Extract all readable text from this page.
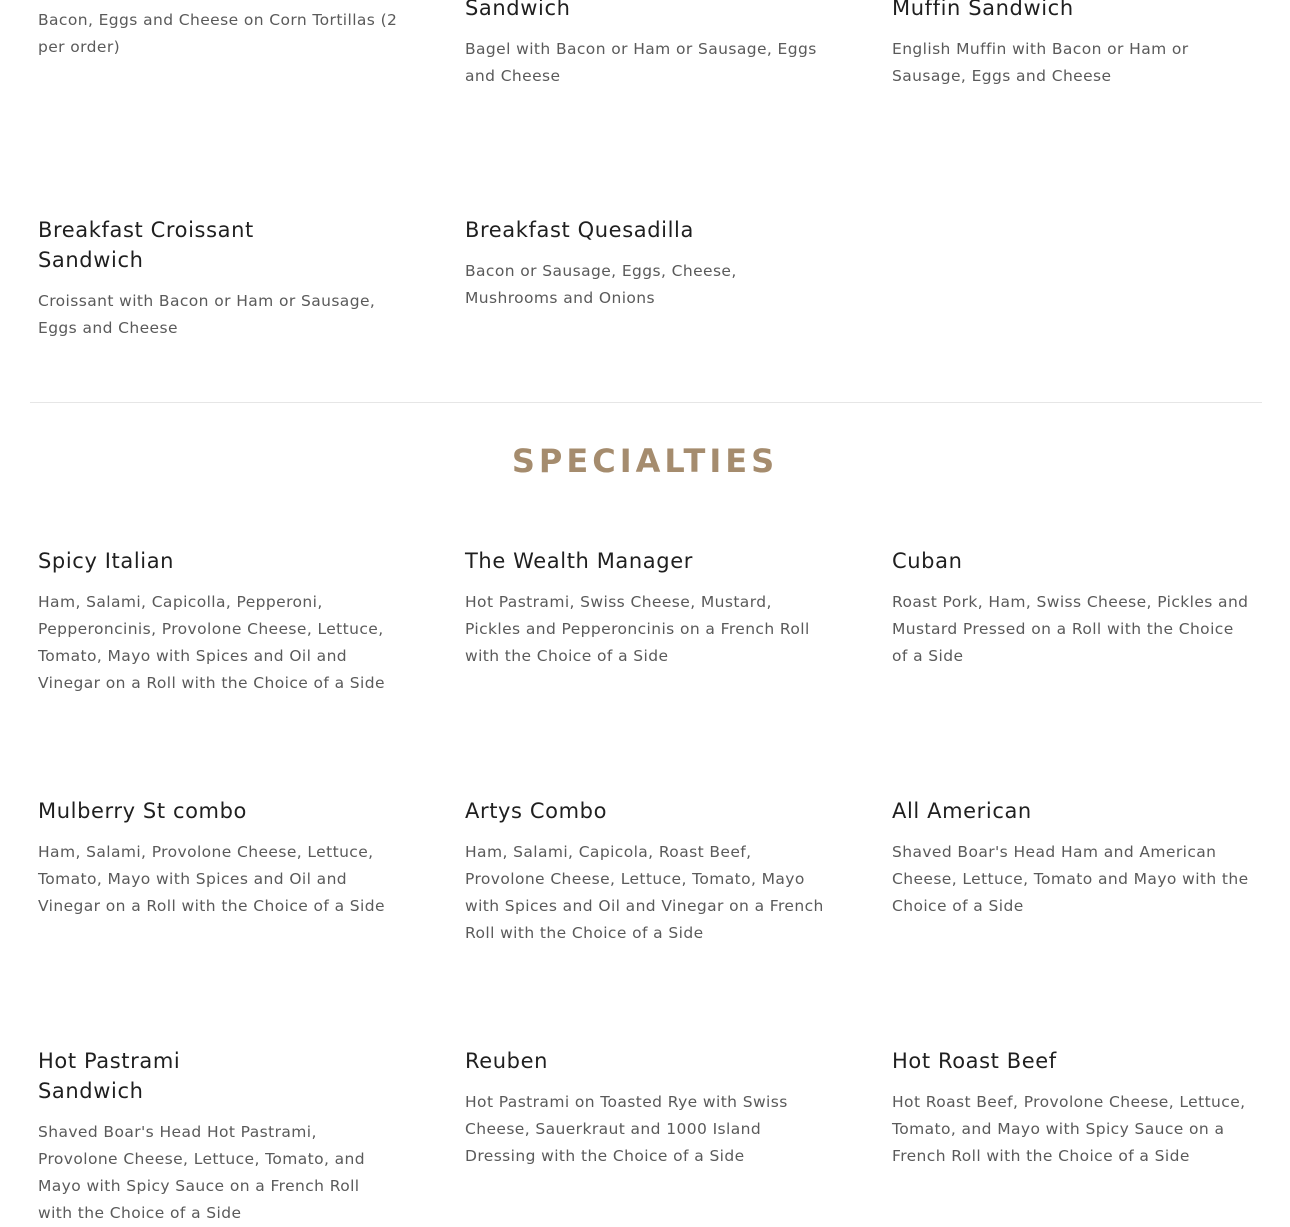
Bacon, Eggs and Cheese on Corn Tortillas (2 per order)

Sandwich

Bagel with Bacon or Ham or Sausage, Eggs and Cheese

Muffin Sandwich

English Muffin with Bacon or Ham or Sausage, Eggs and Cheese

Breakfast Croissant Sandwich

Croissant with Bacon or Ham or Sausage, Eggs and Cheese

Breakfast Quesadilla

Bacon or Sausage, Eggs, Cheese, Mushrooms and Onions

SPECIALTIES
Spicy Italian

Ham, Salami, Capicolla, Pepperoni, Pepperoncinis, Provolone Cheese, Lettuce, Tomato, Mayo with Spices and Oil and Vinegar on a Roll with the Choice of a Side

The Wealth Manager

Hot Pastrami, Swiss Cheese, Mustard, Pickles and Pepperoncinis on a French Roll with the Choice of a Side

Cuban

Roast Pork, Ham, Swiss Cheese, Pickles and Mustard Pressed on a Roll with the Choice of a Side

Mulberry St combo

Ham, Salami, Provolone Cheese, Lettuce, Tomato, Mayo with Spices and Oil and Vinegar on a Roll with the Choice of a Side

Artys Combo

Ham, Salami, Capicola, Roast Beef, Provolone Cheese, Lettuce, Tomato, Mayo with Spices and Oil and Vinegar on a French Roll with the Choice of a Side

All American

Shaved Boar's Head Ham and American Cheese, Lettuce, Tomato and Mayo with the Choice of a Side

Hot Pastrami Sandwich

Shaved Boar's Head Hot Pastrami, Provolone Cheese, Lettuce, Tomato, and Mayo with Spicy Sauce on a French Roll with the Choice of a Side

Reuben

Hot Pastrami on Toasted Rye with Swiss Cheese, Sauerkraut and 1000 Island Dressing with the Choice of a Side

Hot Roast Beef

Hot Roast Beef, Provolone Cheese, Lettuce, Tomato, and Mayo with Spicy Sauce on a French Roll with the Choice of a Side
